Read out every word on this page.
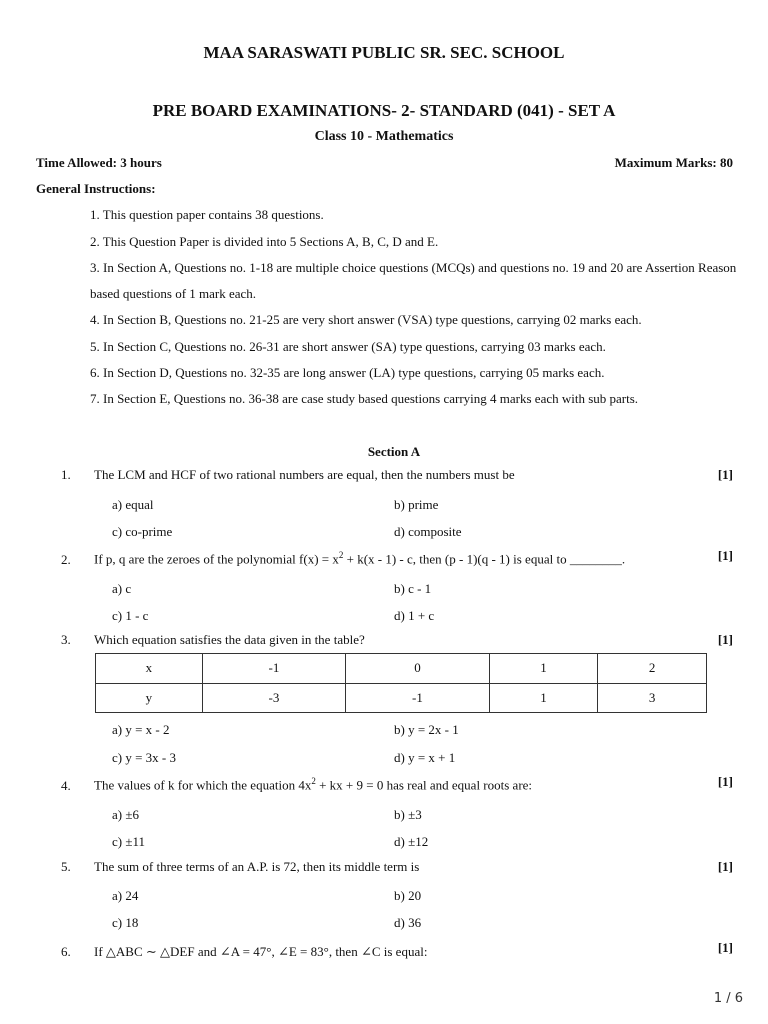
MAA SARASWATI PUBLIC SR. SEC. SCHOOL
PRE BOARD EXAMINATIONS- 2- STANDARD (041) - SET A
Class 10 - Mathematics
Time Allowed: 3 hours	Maximum Marks: 80
General Instructions:
1. This question paper contains 38 questions.
2. This Question Paper is divided into 5 Sections A, B, C, D and E.
3. In Section A, Questions no. 1-18 are multiple choice questions (MCQs) and questions no. 19 and 20 are Assertion Reason based questions of 1 mark each.
4. In Section B, Questions no. 21-25 are very short answer (VSA) type questions, carrying 02 marks each.
5. In Section C, Questions no. 26-31 are short answer (SA) type questions, carrying 03 marks each.
6. In Section D, Questions no. 32-35 are long answer (LA) type questions, carrying 05 marks each.
7. In Section E, Questions no. 36-38 are case study based questions carrying 4 marks each with sub parts.
Section A
1. The LCM and HCF of two rational numbers are equal, then the numbers must be	[1]
a) equal	b) prime
c) co-prime	d) composite
2. If p, q are the zeroes of the polynomial $f(x) = x^2 + k(x - 1) - c$, then (p - 1)(q - 1) is equal to ________.	[1]
a) c	b) c - 1
c) 1 - c	d) 1 + c
3. Which equation satisfies the data given in the table?	[1]
x	-1	0	1	2
y	-3	-1	1	3
a) y = x - 2	b) y = 2x - 1
c) y = 3x - 3	d) y = x + 1
4. The values of k for which the equation $4x^2$ + kx + 9 = 0 has real and equal roots are:	[1]
a) ±6	b) ±3
c) ±11	d) ±12
5. The sum of three terms of an A.P. is 72, then its middle term is	[1]
a) 24	b) 20
c) 18	d) 36
6. If △ABC ∼ △DEF and ∠A = 47°, ∠E = 83°, then ∠C is equal:	[1]
1 / 6
